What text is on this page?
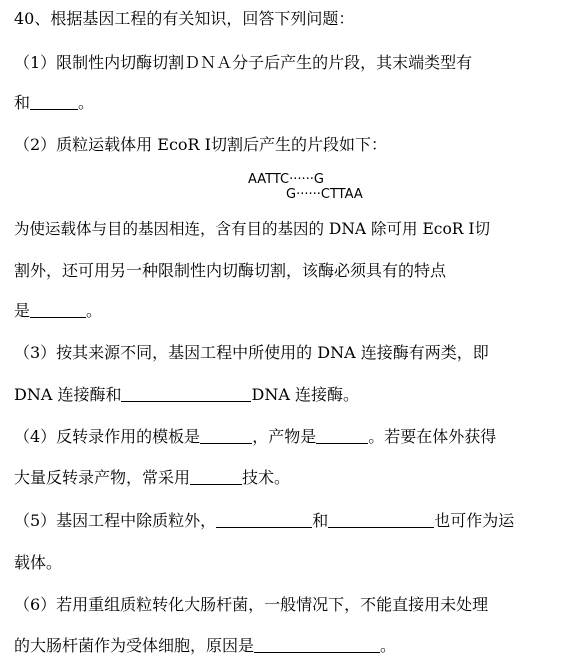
40、根据基因工程的有关知识，回答下列问题：
（1）限制性内切酶切割ＤＮＡ分子后产生的片段，其末端类型有
和	。
（2）质粒运载体用 EcoR Ⅰ切割后产生的片段如下：
AATTC······G
G······CTTAA
为使运载体与目的基因相连，含有目的基因的 DNA 除可用 EcoR Ⅰ切
割外，还可用另一种限制性内切酶切割，该酶必须具有的特点
是	。
（3）按其来源不同，基因工程中所使用的 DNA 连接酶有两类，即
DNA 连接酶和	DNA 连接酶。
（4）反转录作用的模板是	，产物是	。若要在体外获得
大量反转录产物，常采用	技术。
（5）基因工程中除质粒外，	和	也可作为运
载体。
（6）若用重组质粒转化大肠杆菌，一般情况下，不能直接用未处理
的大肠杆菌作为受体细胞，原因是	。
